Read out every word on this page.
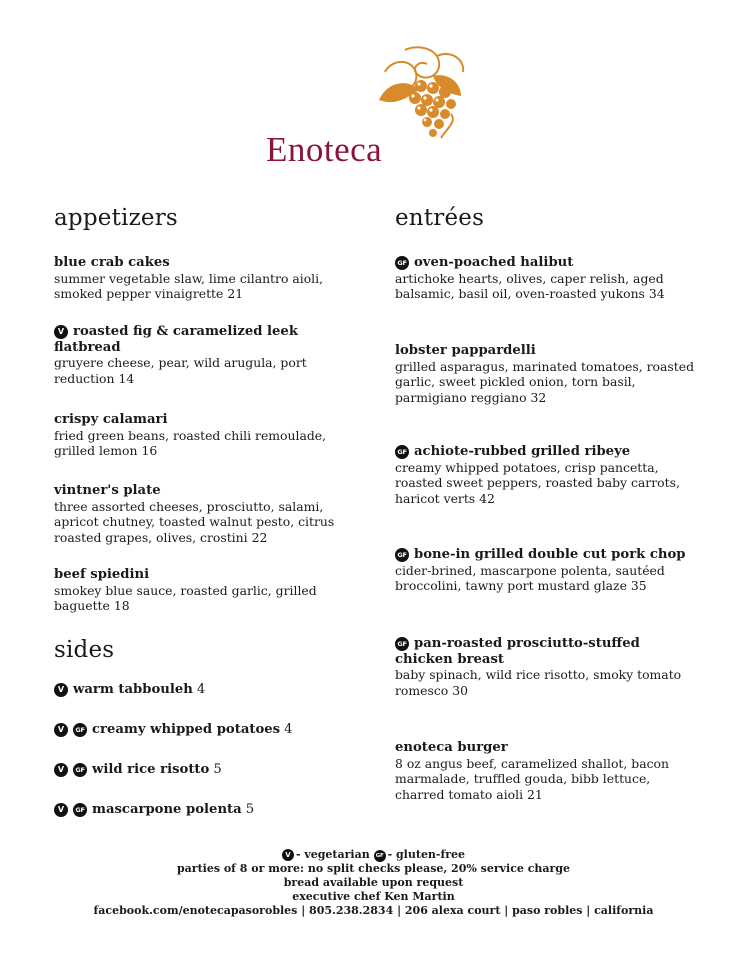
Enoteca
appetizers
blue crab cakes
summer vegetable slaw, lime cilantro aioli, smoked pepper vinaigrette 21
V roasted fig & caramelized leek flatbread
gruyere cheese, pear, wild arugula, port reduction 14
crispy calamari
fried green beans, roasted chili remoulade, grilled lemon 16
vintner's plate
three assorted cheeses, prosciutto, salami, apricot chutney, toasted walnut pesto, citrus roasted grapes, olives, crostini 22
beef spiedini
smokey blue sauce, roasted garlic, grilled baguette 18
sides
V warm tabbouleh 4
V GF creamy whipped potatoes 4
V GF wild rice risotto 5
V GF mascarpone polenta 5
entrées
GF oven-poached halibut
artichoke hearts, olives, caper relish, aged balsamic, basil oil, oven-roasted yukons 34
lobster pappardelli
grilled asparagus, marinated tomatoes, roasted garlic, sweet pickled onion, torn basil, parmigiano reggiano 32
GF achiote-rubbed grilled ribeye
creamy whipped potatoes, crisp pancetta, roasted sweet peppers, roasted baby carrots, haricot verts 42
GF bone-in grilled double cut pork chop
cider-brined, mascarpone polenta, sautéed broccolini, tawny port mustard glaze 35
GF pan-roasted prosciutto-stuffed chicken breast
baby spinach, wild rice risotto, smoky tomato romesco 30
enoteca burger
8 oz angus beef, caramelized shallot, bacon marmalade, truffled gouda, bibb lettuce, charred tomato aioli 21
V - vegetarian GF - gluten-free
parties of 8 or more: no split checks please, 20% service charge
bread available upon request
executive chef Ken Martin
facebook.com/enotecapasorobles | 805.238.2834 | 206 alexa court | paso robles | california
